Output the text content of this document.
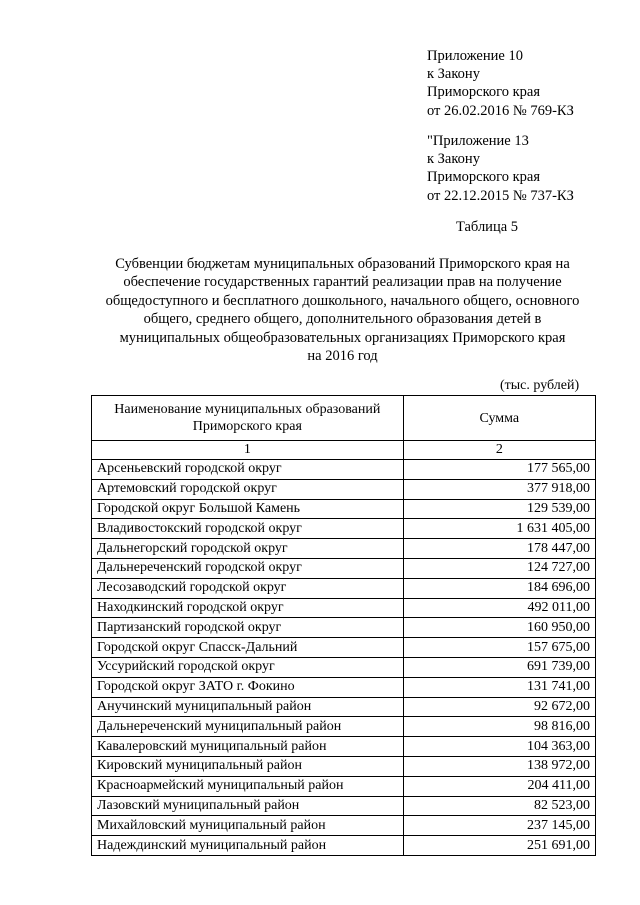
Приложение 10
к Закону
Приморского края
от 26.02.2016 № 769-КЗ
"Приложение 13
к Закону
Приморского края
от 22.12.2015 № 737-КЗ
Таблица 5
Субвенции бюджетам муниципальных образований Приморского края на
обеспечение государственных гарантий реализации прав на получение
общедоступного и бесплатного дошкольного, начального общего, основного
общего, среднего общего, дополнительного образования детей в
муниципальных общеобразовательных организациях Приморского края
на 2016 год
(тыс. рублей)
Наименование муниципальных образований Приморского края	Сумма
1	2
Арсеньевский городской округ	177 565,00
Артемовский городской округ	377 918,00
Городской округ Большой Камень	129 539,00
Владивостокский городской округ	1 631 405,00
Дальнегорский городской округ	178 447,00
Дальнереченский городской округ	124 727,00
Лесозаводский городской округ	184 696,00
Находкинский городской округ	492 011,00
Партизанский городской округ	160 950,00
Городской округ Спасск-Дальний	157 675,00
Уссурийский городской округ	691 739,00
Городской округ ЗАТО г. Фокино	131 741,00
Анучинский муниципальный район	92 672,00
Дальнереченский муниципальный район	98 816,00
Кавалеровский муниципальный район	104 363,00
Кировский муниципальный район	138 972,00
Красноармейский муниципальный район	204 411,00
Лазовский муниципальный район	82 523,00
Михайловский муниципальный район	237 145,00
Надеждинский муниципальный район	251 691,00
